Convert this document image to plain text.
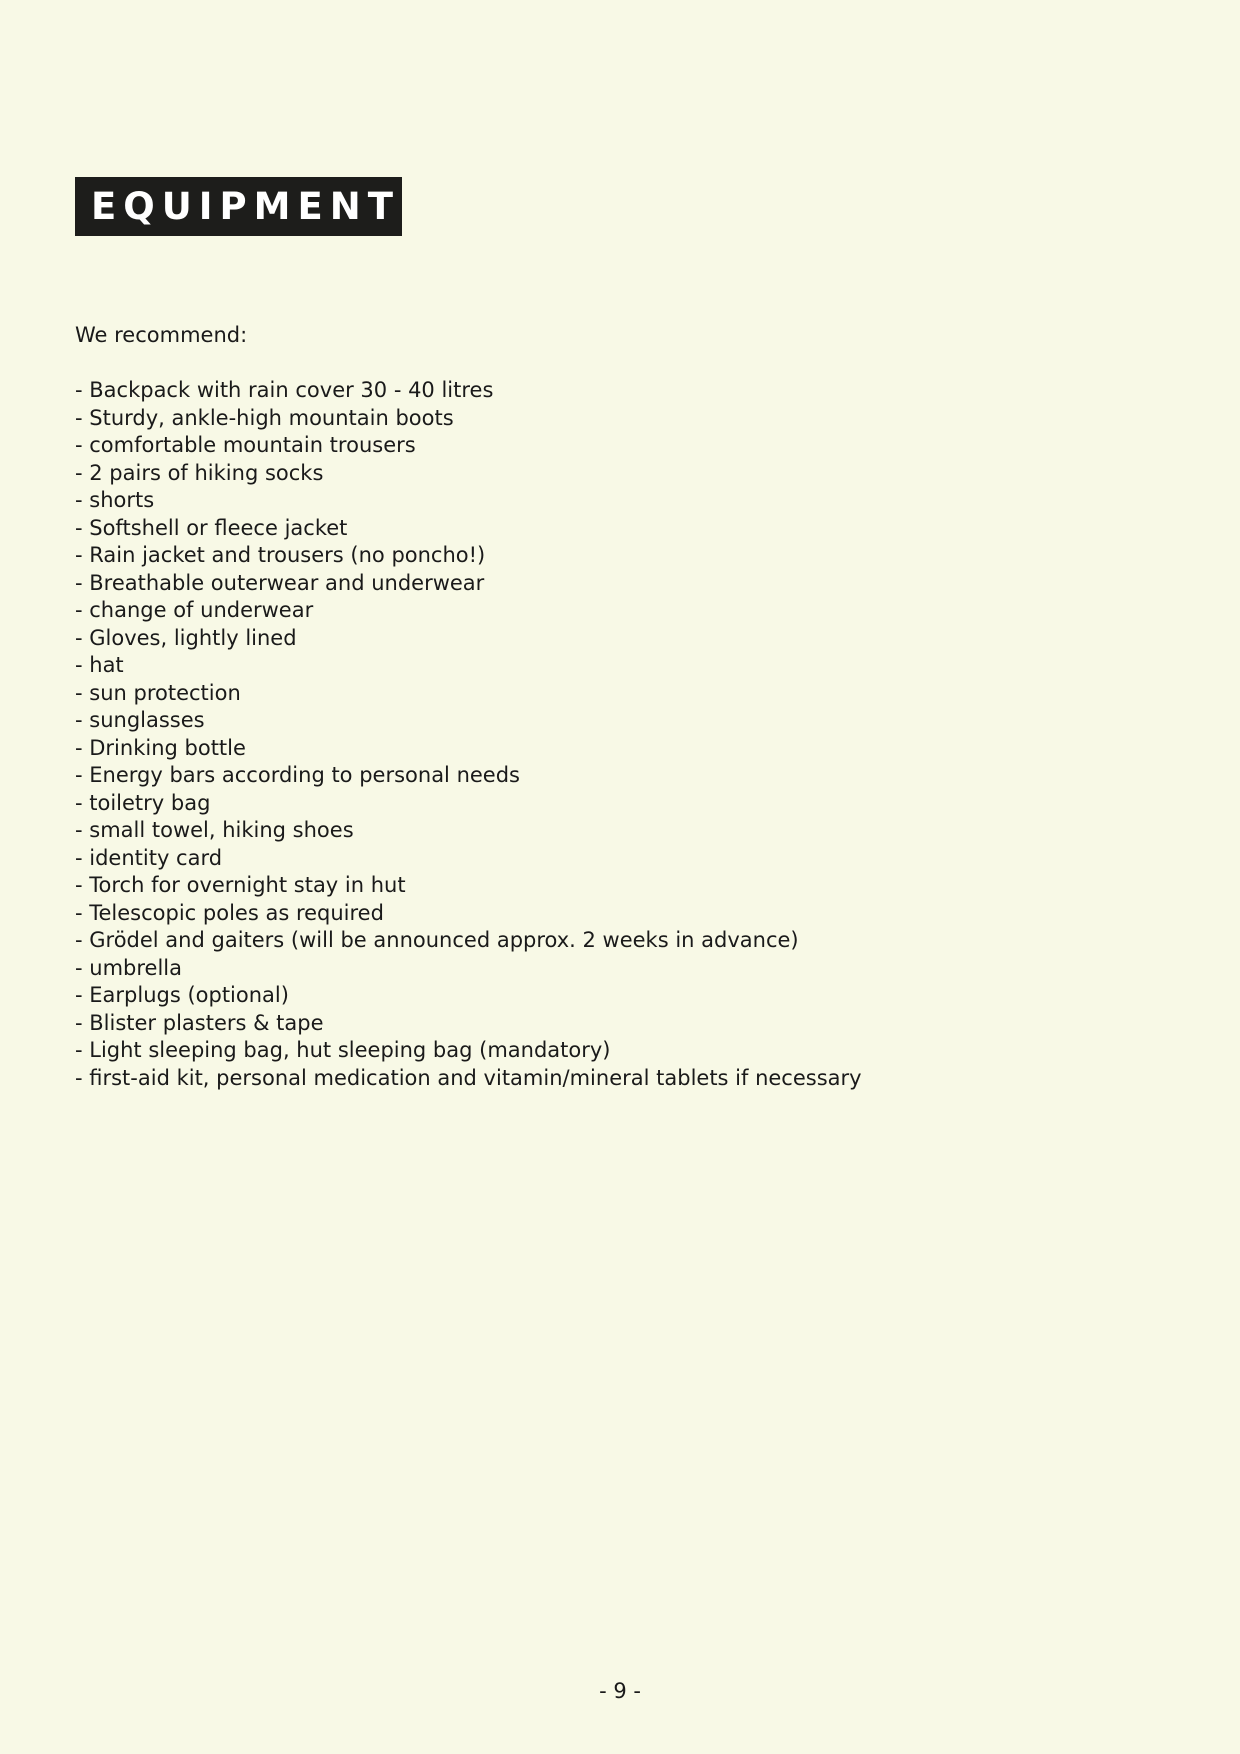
EQUIPMENT

We recommend:

- Backpack with rain cover 30 - 40 litres
- Sturdy, ankle-high mountain boots
- comfortable mountain trousers
- 2 pairs of hiking socks
- shorts
- Softshell or fleece jacket
- Rain jacket and trousers (no poncho!)
- Breathable outerwear and underwear
- change of underwear
- Gloves, lightly lined
- hat
- sun protection
- sunglasses
- Drinking bottle
- Energy bars according to personal needs
- toiletry bag
- small towel, hiking shoes
- identity card
- Torch for overnight stay in hut
- Telescopic poles as required
- Grödel and gaiters (will be announced approx. 2 weeks in advance)
- umbrella
- Earplugs (optional)
- Blister plasters & tape
- Light sleeping bag, hut sleeping bag (mandatory)
- first-aid kit, personal medication and vitamin/mineral tablets if necessary
- 9 -
